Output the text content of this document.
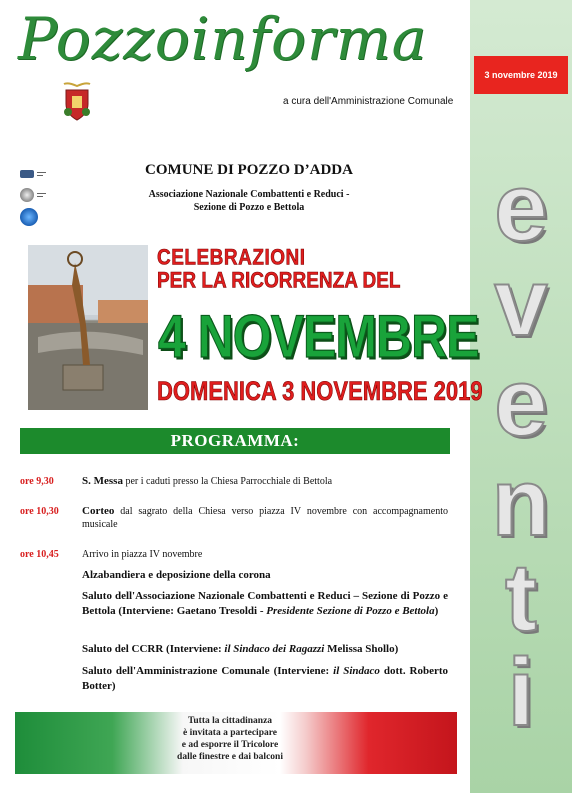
3 novembre 2019
e
v
e
n
t
i
Pozzoinforma
a cura dell'Amministrazione Comunale
▬▬▬
▬▬
▬▬▬
▬▬
COMUNE DI POZZO D’ADDA
Associazione Nazionale Combattenti e Reduci -
Sezione di Pozzo e Bettola
CELEBRAZIONI
PER LA RICORRENZA DEL
4 NOVEMBRE
DOMENICA 3 NOVEMBRE 2019
PROGRAMMA:
ore 9,30	S. Messa per i caduti presso la Chiesa Parrocchiale di Bettola
ore 10,30 Corteo dal sagrato della Chiesa verso piazza IV novembre con accompagnamento musicale
ore 10,45 Arrivo in piazza IV novembre
Alzabandiera e deposizione della corona
Saluto dell'Associazione Nazionale Combattenti e Reduci – Sezione di Pozzo e Bettola (Interviene: Gaetano Tresoldi - Presidente Sezione di Pozzo e Bettola)
Saluto del CCRR (Interviene: il Sindaco dei Ragazzi Melissa Shollo)
Saluto dell'Amministrazione Comunale (Interviene: il Sindaco dott. Roberto Botter)
Tutta la cittadinanza
è invitata a partecipare
e ad esporre il Tricolore
dalle finestre e dai balconi
